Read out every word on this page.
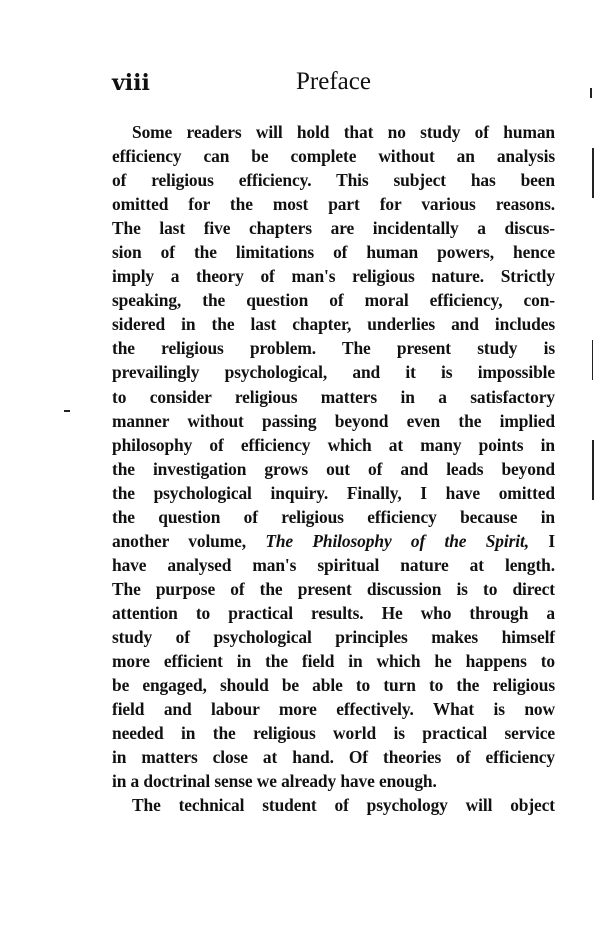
viii	Preface
Some readers will hold that no study of human
efficiency can be complete without an analysis
of religious efficiency. This subject has been
omitted for the most part for various reasons.
The last five chapters are incidentally a discus-
sion of the limitations of human powers, hence
imply a theory of man's religious nature. Strictly
speaking, the question of moral efficiency, con-
sidered in the last chapter, underlies and includes
the religious problem. The present study is
prevailingly psychological, and it is impossible
to consider religious matters in a satisfactory
manner without passing beyond even the implied
philosophy of efficiency which at many points in
the investigation grows out of and leads beyond
the psychological inquiry. Finally, I have omitted
the question of religious efficiency because in
another volume, The Philosophy of the Spirit, I
have analysed man's spiritual nature at length.
The purpose of the present discussion is to direct
attention to practical results. He who through a
study of psychological principles makes himself
more efficient in the field in which he happens to
be engaged, should be able to turn to the religious
field and labour more effectively. What is now
needed in the religious world is practical service
in matters close at hand. Of theories of efficiency
in a doctrinal sense we already have enough.
The technical student of psychology will object
